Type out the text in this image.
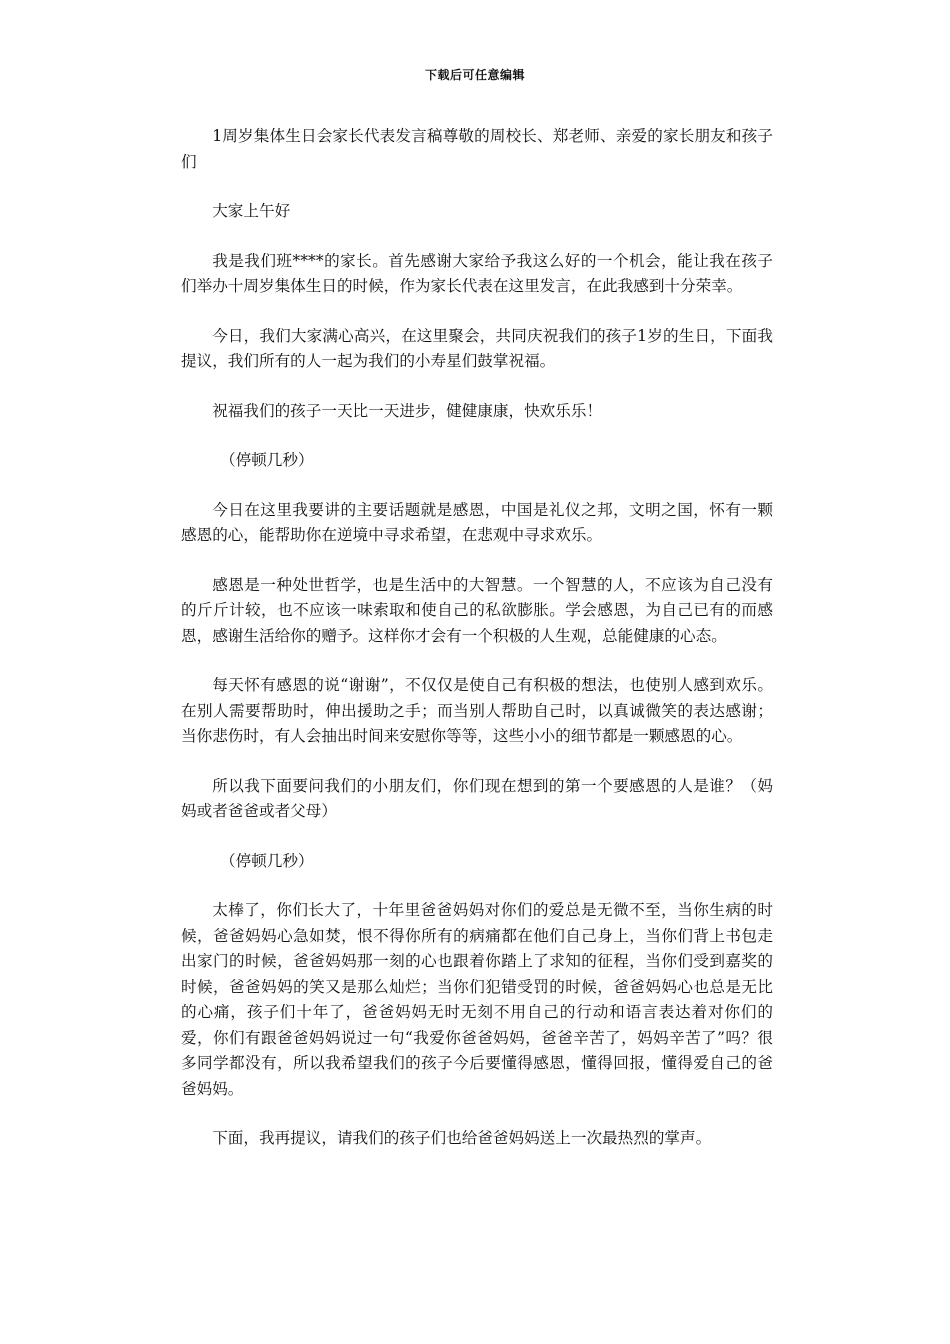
下载后可任意编辑

1周岁集体生日会家长代表发言稿尊敬的周校长、郑老师、亲爱的家长朋友和孩子们

大家上午好

我是我们班****的家长。首先感谢大家给予我这么好的一个机会，能让我在孩子们举办十周岁集体生日的时候，作为家长代表在这里发言，在此我感到十分荣幸。

今日，我们大家满心高兴，在这里聚会，共同庆祝我们的孩子1岁的生日，下面我提议，我们所有的人一起为我们的小寿星们鼓掌祝福。

祝福我们的孩子一天比一天进步，健健康康，快欢乐乐！

（停顿几秒）

今日在这里我要讲的主要话题就是感恩，中国是礼仪之邦，文明之国，怀有一颗感恩的心，能帮助你在逆境中寻求希望，在悲观中寻求欢乐。

感恩是一种处世哲学，也是生活中的大智慧。一个智慧的人，不应该为自己没有的斤斤计较，也不应该一味索取和使自己的私欲膨胀。学会感恩，为自己已有的而感恩，感谢生活给你的赠予。这样你才会有一个积极的人生观，总能健康的心态。

每天怀有感恩的说“谢谢”，不仅仅是使自己有积极的想法，也使别人感到欢乐。在别人需要帮助时，伸出援助之手；而当别人帮助自己时，以真诚微笑的表达感谢；当你悲伤时，有人会抽出时间来安慰你等等，这些小小的细节都是一颗感恩的心。

所以我下面要问我们的小朋友们，你们现在想到的第一个要感恩的人是谁？（妈妈或者爸爸或者父母）

（停顿几秒）

太棒了，你们长大了，十年里爸爸妈妈对你们的爱总是无微不至，当你生病的时候，爸爸妈妈心急如焚，恨不得你所有的病痛都在他们自己身上，当你们背上书包走出家门的时候，爸爸妈妈那一刻的心也跟着你踏上了求知的征程，当你们受到嘉奖的时候，爸爸妈妈的笑又是那么灿烂；当你们犯错受罚的时候，爸爸妈妈心也总是无比的心痛，孩子们十年了，爸爸妈妈无时无刻不用自己的行动和语言表达着对你们的爱，你们有跟爸爸妈妈说过一句“我爱你爸爸妈妈，爸爸辛苦了，妈妈辛苦了”吗？很多同学都没有，所以我希望我们的孩子今后要懂得感恩，懂得回报，懂得爱自己的爸爸妈妈。

下面，我再提议，请我们的孩子们也给爸爸妈妈送上一次最热烈的掌声。
